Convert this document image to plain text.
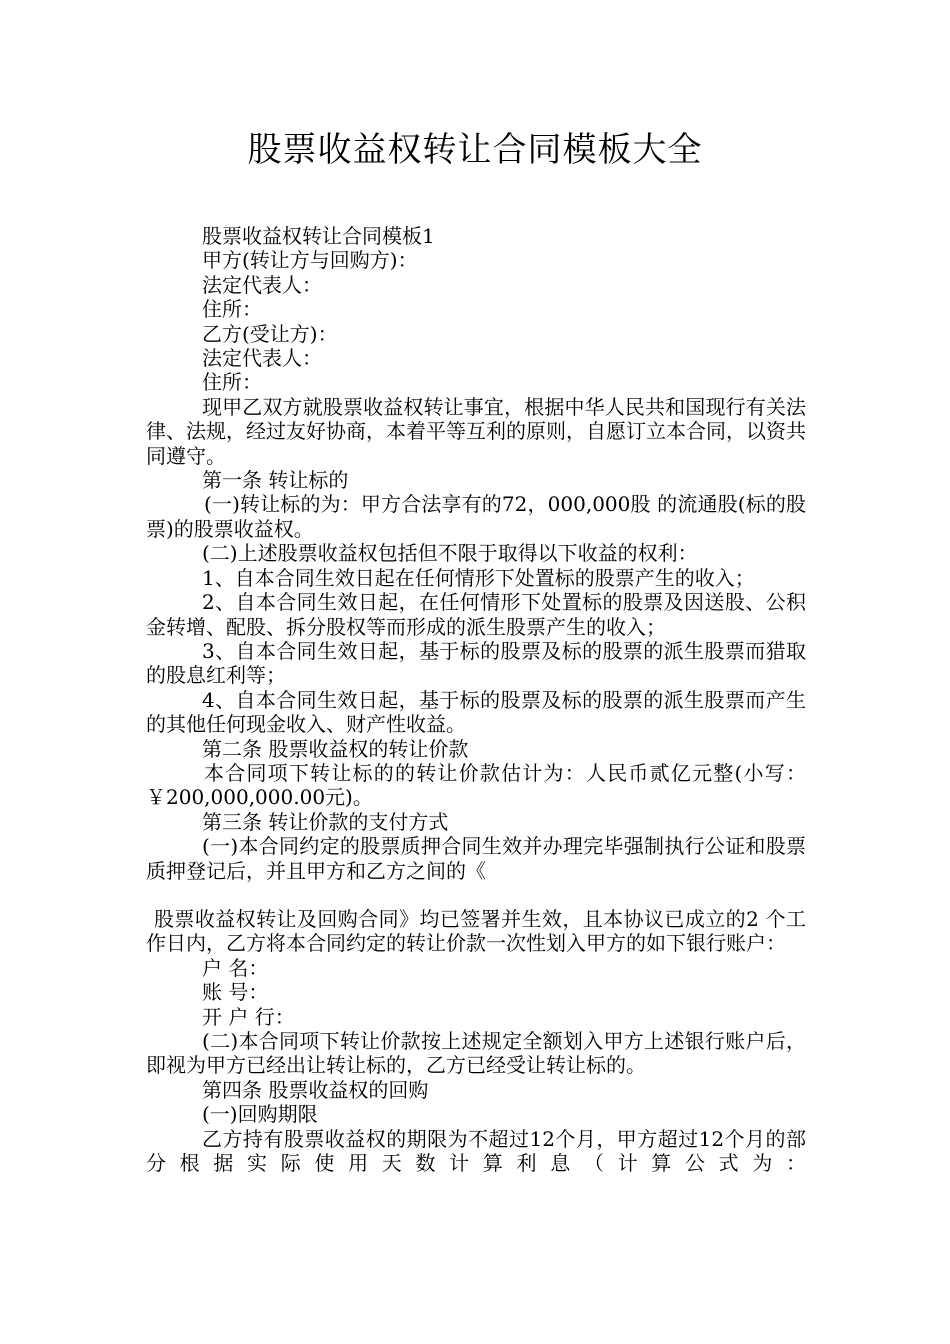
股票收益权转让合同模板大全

股票收益权转让合同模板1

甲方(转让方与回购方)：

法定代表人：

住所：

乙方(受让方)：

法定代表人：

住所：

现甲乙双方就股票收益权转让事宜，根据中华人民共和国现行有关法律、法规，经过友好协商，本着平等互利的原则，自愿订立本合同，以资共同遵守。

第一条 转让标的

(一)转让标的为：甲方合法享有的72，000,000股 的流通股(标的股票)的股票收益权。

(二)上述股票收益权包括但不限于取得以下收益的权利：

1、自本合同生效日起在任何情形下处置标的股票产生的收入；

2、自本合同生效日起，在任何情形下处置标的股票及因送股、公积金转增、配股、拆分股权等而形成的派生股票产生的收入；

3、自本合同生效日起，基于标的股票及标的股票的派生股票而猎取的股息红利等；

4、自本合同生效日起，基于标的股票及标的股票的派生股票而产生的其他任何现金收入、财产性收益。

第二条 股票收益权的转让价款

本合同项下转让标的的转让价款估计为：人民币贰亿元整(小写：￥200,000,000.00元)。

第三条 转让价款的支付方式

(一)本合同约定的股票质押合同生效并办理完毕强制执行公证和股票质押登记后，并且甲方和乙方之间的《

股票收益权转让及回购合同》均已签署并生效，且本协议已成立的2 个工作日内，乙方将本合同约定的转让价款一次性划入甲方的如下银行账户：

户 名：

账 号：

开 户 行：

(二)本合同项下转让价款按上述规定全额划入甲方上述银行账户后，即视为甲方已经出让转让标的，乙方已经受让转让标的。

第四条 股票收益权的回购

(一)回购期限

乙方持有股票收益权的期限为不超过12个月，甲方超过12个月的部分根据实际使用天数计算利息（计算公式为：
